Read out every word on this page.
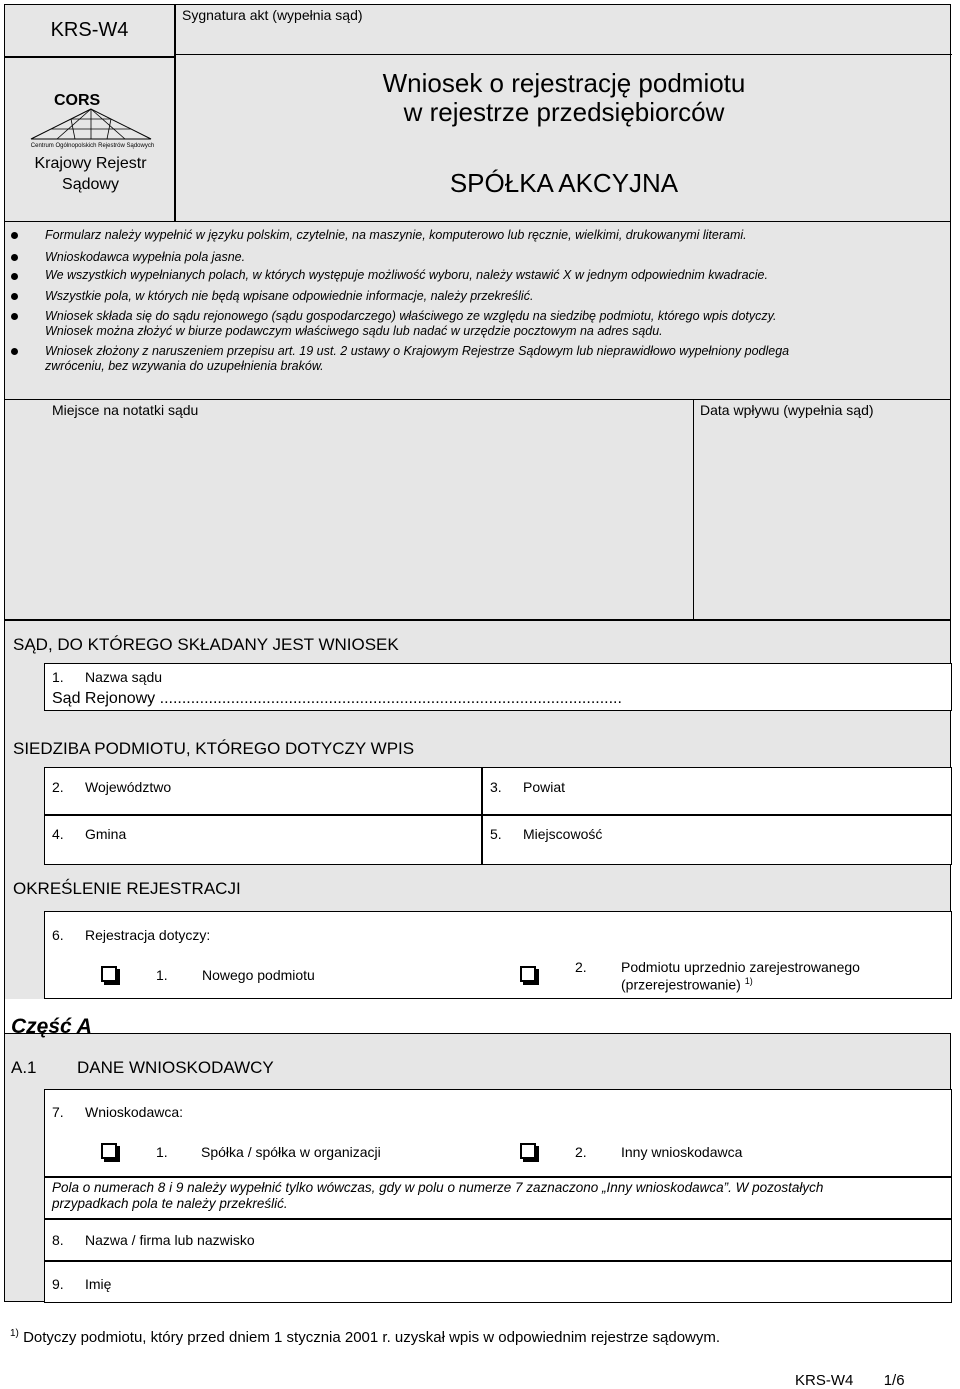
KRS-W4
CORS
Centrum Ogólnopolskich Rejestrów Sądowych
Krajowy Rejestr
Sądowy
Sygnatura akt (wypełnia sąd)
Wniosek o rejestrację podmiotu
w rejestrze przedsiębiorców
SPÓŁKA AKCYJNA
Formularz należy wypełnić w języku polskim, czytelnie, na maszynie, komputerowo lub ręcznie, wielkimi, drukowanymi literami.
Wnioskodawca wypełnia pola jasne.
We wszystkich wypełnianych polach, w których występuje możliwość wyboru, należy wstawić X w jednym odpowiednim kwadracie.
Wszystkie pola, w których nie będą wpisane odpowiednie informacje, należy przekreślić.
Wniosek składa się do sądu rejonowego (sądu gospodarczego) właściwego ze względu na siedzibę podmiotu, którego wpis dotyczy.
Wniosek można złożyć w biurze podawczym właściwego sądu lub nadać w urzędzie pocztowym na adres sądu.
Wniosek złożony z naruszeniem przepisu art. 19 ust. 2 ustawy o Krajowym Rejestrze Sądowym lub nieprawidłowo wypełniony podlega
zwróceniu, bez wzywania do uzupełnienia braków.
Miejsce na notatki sądu	Data wpływu (wypełnia sąd)
SĄD, DO KTÓREGO SKŁADANY JEST WNIOSEK
1. Nazwa sądu
Sąd Rejonowy ........................................................................................................
SIEDZIBA PODMIOTU, KTÓREGO DOTYCZY WPIS
2. Województwo	3. Powiat
4. Gmina	5. Miejscowość
OKREŚLENIE REJESTRACJI
6. Rejestracja dotyczy:
1. Nowego podmiotu	2. Podmiotu uprzednio zarejestrowanego
(przerejestrowanie) $^{1)}$
Część A
A.1 DANE WNIOSKODAWCY
7. Wnioskodawca:
1. Spółka / spółka w organizacji	2. Inny wnioskodawca
Pola o numerach 8 i 9 należy wypełnić tylko wówczas, gdy w polu o numerze 7 zaznaczono „Inny wnioskodawca”. W pozostałych
przypadkach pola te należy przekreślić.
8. Nazwa / firma lub nazwisko
9. Imię
$^{1)}$ Dotyczy podmiotu, który przed dniem 1 stycznia 2001 r. uzyskał wpis w odpowiednim rejestrze sądowym.
KRS-W4 1/6
